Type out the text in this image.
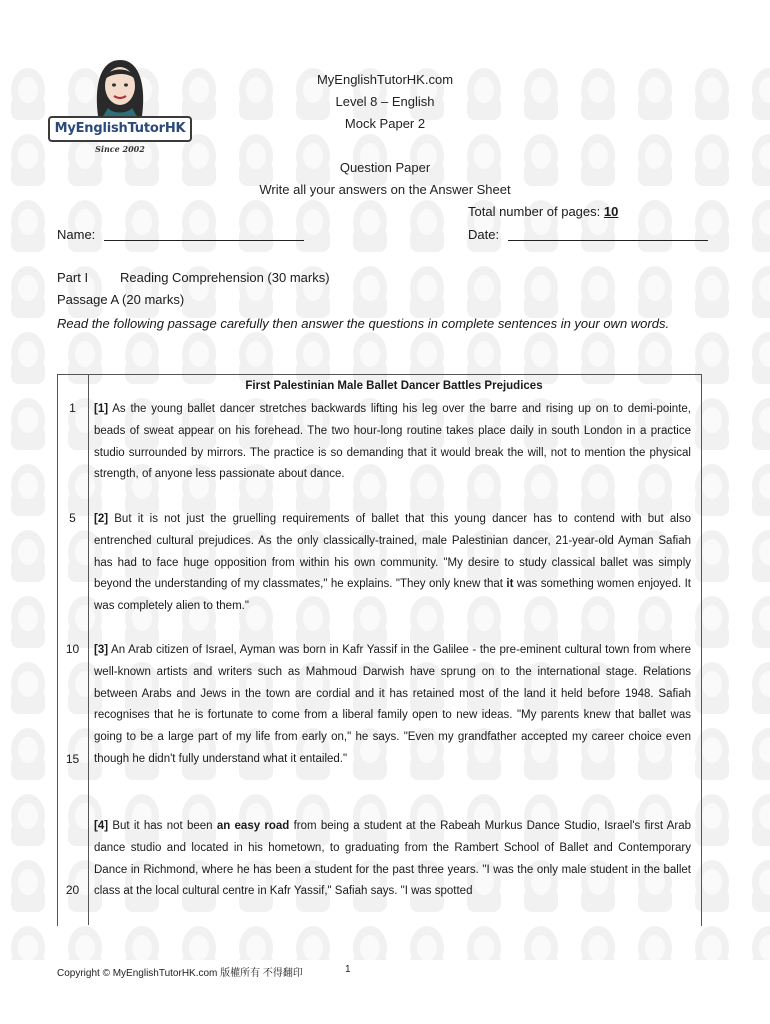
MyEnglishTutorHK
Since 2002
MyEnglishTutorHK.com
Level 8 – English
Mock Paper 2
Question Paper
Write all your answers on the Answer Sheet
Total number of pages: 10
Name:	Date:
Part I Reading Comprehension (30 marks)
Passage A (20 marks)
Read the following passage carefully then answer the questions in complete sentences in your own words.
1
5
10
15
20
First Palestinian Male Ballet Dancer Battles Prejudices
[1] As the young ballet dancer stretches backwards lifting his leg over the barre and rising up on to demi-pointe, beads of sweat appear on his forehead. The two hour-long routine takes place daily in south London in a practice studio surrounded by mirrors. The practice is so demanding that it would break the will, not to mention the physical strength, of anyone less passionate about dance.
[2] But it is not just the gruelling requirements of ballet that this young dancer has to contend with but also entrenched cultural prejudices. As the only classically-trained, male Palestinian dancer, 21-year-old Ayman Safiah has had to face huge opposition from within his own community. "My desire to study classical ballet was simply beyond the understanding of my classmates," he explains. "They only knew that it was something women enjoyed. It was completely alien to them."
[3] An Arab citizen of Israel, Ayman was born in Kafr Yassif in the Galilee - the pre-eminent cultural town from where well-known artists and writers such as Mahmoud Darwish have sprung on to the international stage. Relations between Arabs and Jews in the town are cordial and it has retained most of the land it held before 1948. Safiah recognises that he is fortunate to come from a liberal family open to new ideas. "My parents knew that ballet was going to be a large part of my life from early on," he says. "Even my grandfather accepted my career choice even though he didn't fully understand what it entailed."
[4] But it has not been an easy road from being a student at the Rabeah Murkus Dance Studio, Israel's first Arab dance studio and located in his hometown, to graduating from the Rambert School of Ballet and Contemporary Dance in Richmond, where he has been a student for the past three years. "I was the only male student in the ballet class at the local cultural centre in Kafr Yassif," Safiah says. "I was spotted
Copyright © MyEnglishTutorHK.com 版權所有 不得翻印	1
